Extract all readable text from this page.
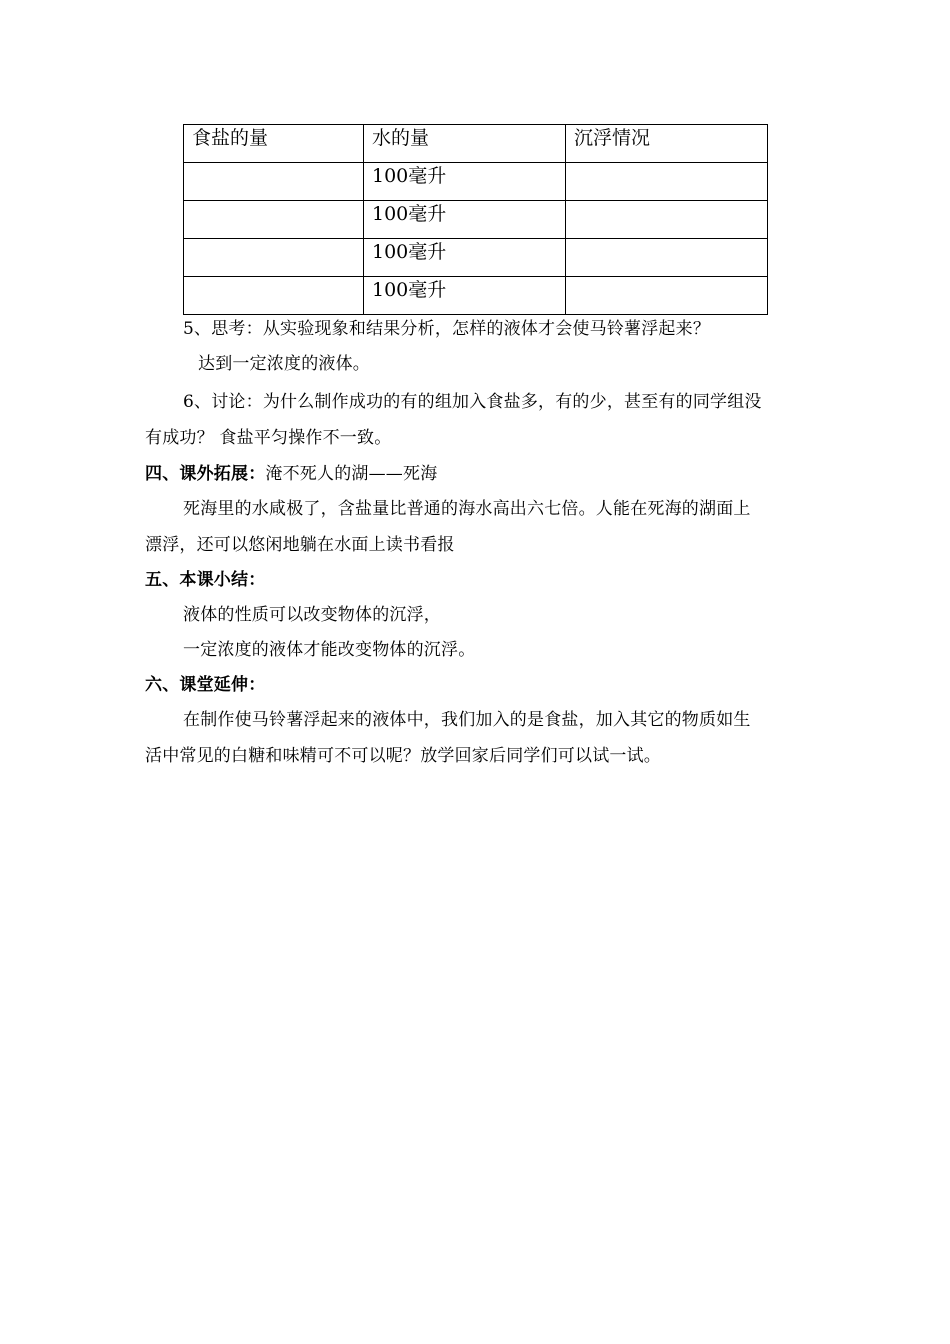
食盐的量	水的量	沉浮情况
	100毫升	
	100毫升	
	100毫升	
	100毫升	
5、思考：从实验现象和结果分析，怎样的液体才会使马铃薯浮起来？
达到一定浓度的液体。
6、讨论：为什么制作成功的有的组加入食盐多，有的少，甚至有的同学组没
有成功？ 食盐平匀操作不一致。
四、课外拓展：淹不死人的湖——死海
死海里的水咸极了，含盐量比普通的海水高出六七倍。人能在死海的湖面上
漂浮，还可以悠闲地躺在水面上读书看报
五、本课小结：
液体的性质可以改变物体的沉浮，
一定浓度的液体才能改变物体的沉浮。
六、课堂延伸：
在制作使马铃薯浮起来的液体中，我们加入的是食盐，加入其它的物质如生
活中常见的白糖和味精可不可以呢？放学回家后同学们可以试一试。
